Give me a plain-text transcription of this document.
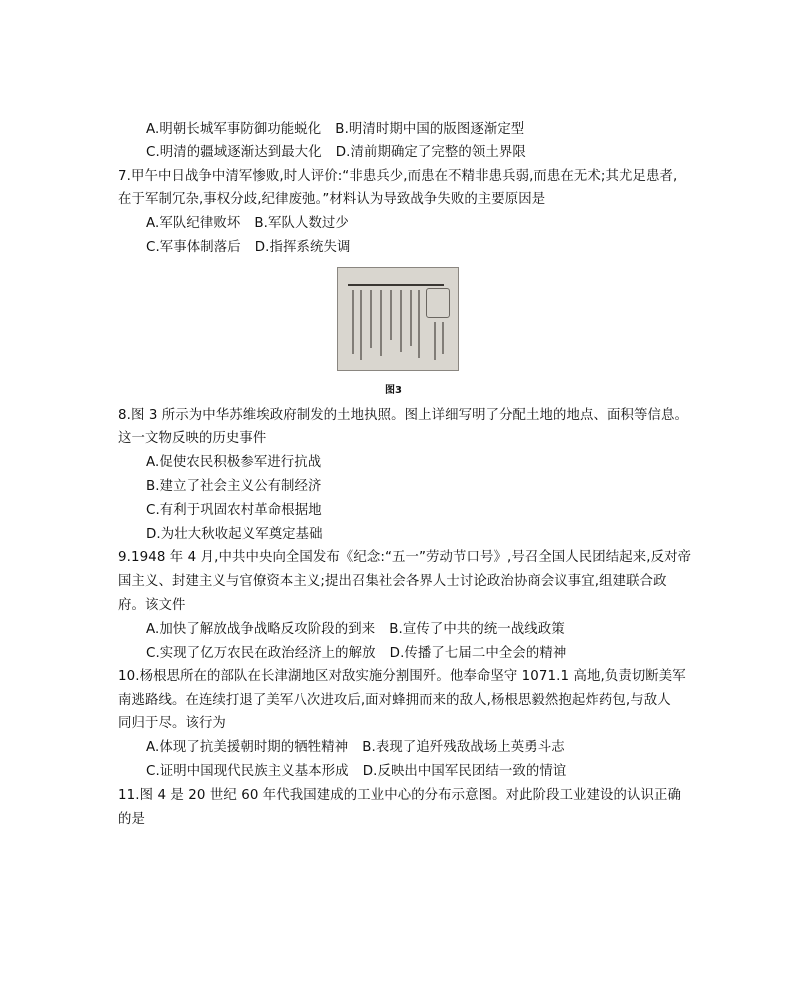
A.明朝长城军事防御功能蜕化 B.明清时期中国的版图逐渐定型
C.明清的疆域逐渐达到最大化 D.清前期确定了完整的领土界限
7.甲午中日战争中清军惨败,时人评价:“非患兵少,而患在不精非患兵弱,而患在无术;其尤足患者,
在于军制冗杂,事权分歧,纪律废弛。”材料认为导致战争失败的主要原因是
A.军队纪律败坏 B.军队人数过少
C.军事体制落后 D.指挥系统失调
图3
8.图 3 所示为中华苏维埃政府制发的土地执照。图上详细写明了分配土地的地点、面积等信息。
这一文物反映的历史事件
A.促使农民积极参军进行抗战
B.建立了社会主义公有制经济
C.有利于巩固农村革命根据地
D.为壮大秋收起义军奠定基础
9.1948 年 4 月,中共中央向全国发布《纪念:“五一”劳动节口号》,号召全国人民团结起来,反对帝
国主义、封建主义与官僚资本主义;提出召集社会各界人士讨论政治协商会议事宜,组建联合政
府。该文件
A.加快了解放战争战略反攻阶段的到来 B.宣传了中共的统一战线政策
C.实现了亿万农民在政治经济上的解放 D.传播了七届二中全会的精神
10.杨根思所在的部队在长津湖地区对敌实施分割围歼。他奉命坚守 1071.1 高地,负责切断美军
南逃路线。在连续打退了美军八次进攻后,面对蜂拥而来的敌人,杨根思毅然抱起炸药包,与敌人
同归于尽。该行为
A.体现了抗美援朝时期的牺牲精神 B.表现了追歼残敌战场上英勇斗志
C.证明中国现代民族主义基本形成 D.反映出中国军民团结一致的情谊
11.图 4 是 20 世纪 60 年代我国建成的工业中心的分布示意图。对此阶段工业建设的认识正确
的是
